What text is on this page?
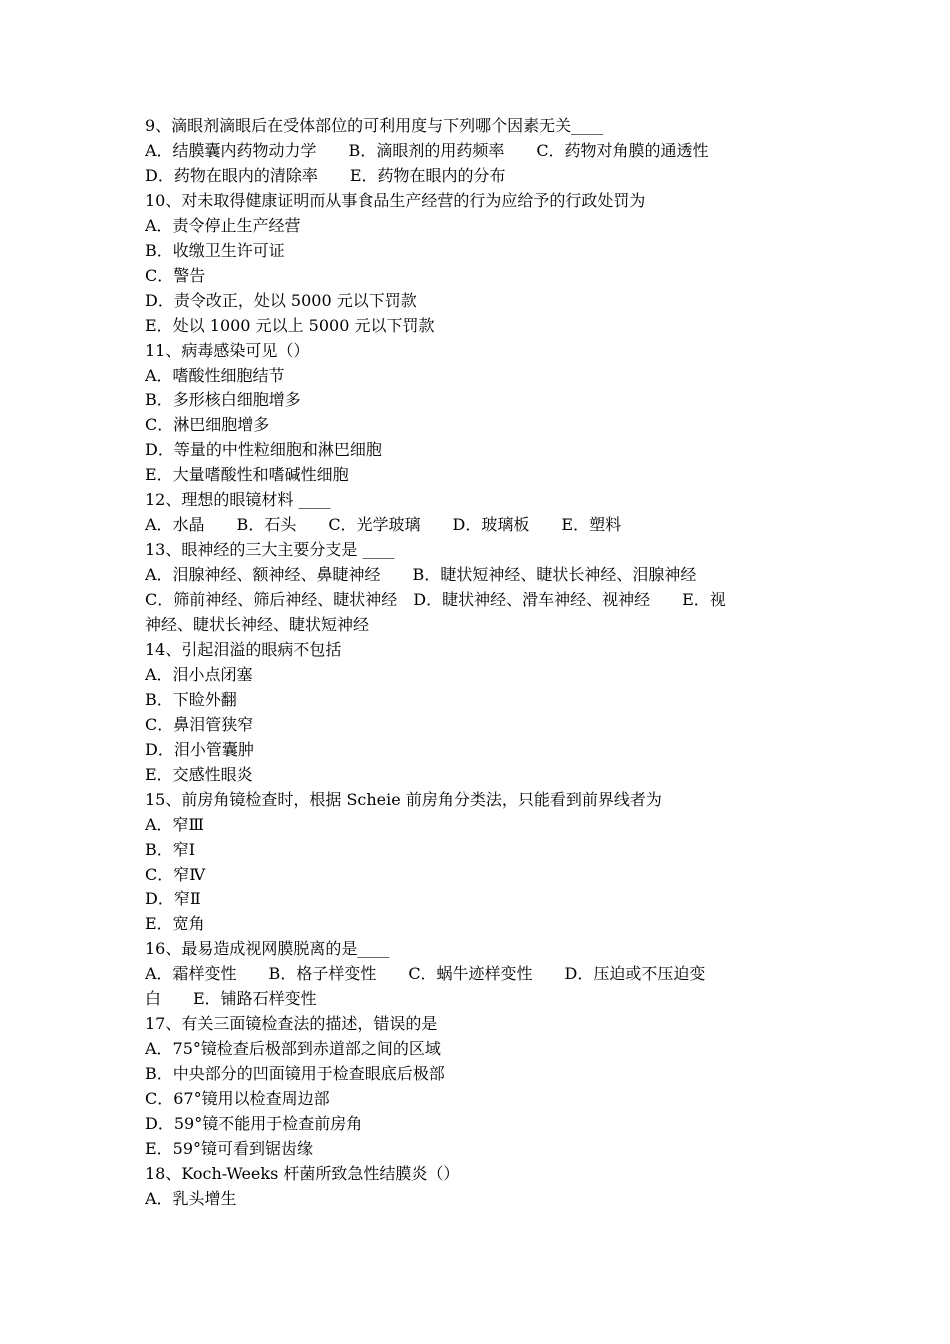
9、滴眼剂滴眼后在受体部位的可利用度与下列哪个因素无关____
A．结膜囊内药物动力学　　B．滴眼剂的用药频率　　C．药物对角膜的通透性
D．药物在眼内的清除率　　E．药物在眼内的分布
10、对未取得健康证明而从事食品生产经营的行为应给予的行政处罚为
A．责令停止生产经营
B．收缴卫生许可证
C．警告
D．责令改正，处以 5000 元以下罚款
E．处以 1000 元以上 5000 元以下罚款
11、病毒感染可见（）
A．嗜酸性细胞结节
B．多形核白细胞增多
C．淋巴细胞增多
D．等量的中性粒细胞和淋巴细胞
E．大量嗜酸性和嗜碱性细胞
12、理想的眼镜材料 ____
A．水晶　　B．石头　　C．光学玻璃　　D．玻璃板　　E．塑料
13、眼神经的三大主要分支是 ____
A．泪腺神经、额神经、鼻睫神经　　B．睫状短神经、睫状长神经、泪腺神经
C．筛前神经、筛后神经、睫状神经　D．睫状神经、滑车神经、视神经　　E．视
神经、睫状长神经、睫状短神经
14、引起泪溢的眼病不包括
A．泪小点闭塞
B．下睑外翻
C．鼻泪管狭窄
D．泪小管囊肿
E．交感性眼炎
15、前房角镜检查时，根据 Scheie 前房角分类法，只能看到前界线者为
A．窄Ⅲ
B．窄Ⅰ
C．窄Ⅳ
D．窄Ⅱ
E．宽角
16、最易造成视网膜脱离的是____
A．霜样变性　　B．格子样变性　　C．蜗牛迹样变性　　D．压迫或不压迫变
白　　E．铺路石样变性
17、有关三面镜检查法的描述，错误的是
A．75°镜检查后极部到赤道部之间的区域
B．中央部分的凹面镜用于检查眼底后极部
C．67°镜用以检查周边部
D．59°镜不能用于检查前房角
E．59°镜可看到锯齿缘
18、Koch-Weeks 杆菌所致急性结膜炎（）
A．乳头增生
